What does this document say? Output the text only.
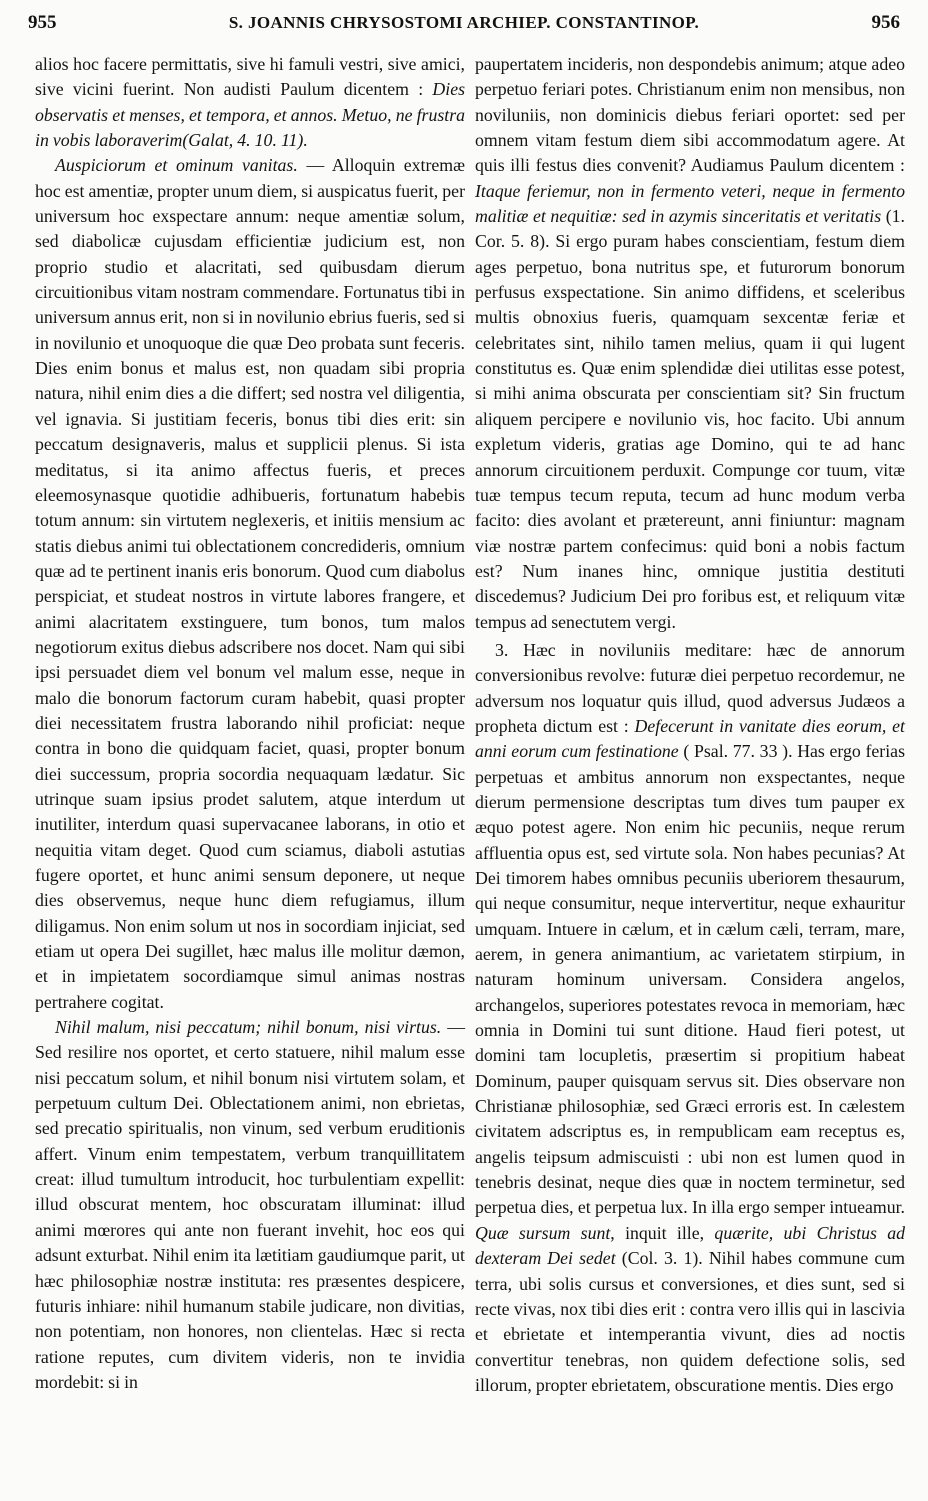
955	S. JOANNIS CHRYSOSTOMI ARCHIEP. CONSTANTINOP.	956

alios hoc facere permittatis, sive hi famuli vestri, sive amici, sive vicini fuerint. Non audisti Paulum dicentem : Dies observatis et menses, et tempora, et annos. Metuo, ne frustra in vobis laboraverim(Galat, 4. 10. 11).

Auspiciorum et ominum vanitas. — Alloquin extremæ hoc est amentiæ, propter unum diem, si auspicatus fuerit, per universum hoc exspectare annum: neque amentiæ solum, sed diabolicæ cujusdam efficientiæ judicium est, non proprio studio et alacritati, sed quibusdam dierum circuitionibus vitam nostram commendare. Fortunatus tibi in universum annus erit, non si in novilunio ebrius fueris, sed si in novilunio et unoquoque die quæ Deo probata sunt feceris. Dies enim bonus et malus est, non quadam sibi propria natura, nihil enim dies a die differt; sed nostra vel diligentia, vel ignavia. Si justitiam feceris, bonus tibi dies erit: sin peccatum designaveris, malus et supplicii plenus. Si ista meditatus, si ita animo affectus fueris, et preces eleemosynasque quotidie adhibueris, fortunatum habebis totum annum: sin virtutem neglexeris, et initiis mensium ac statis diebus animi tui oblectationem concredideris, omnium quæ ad te pertinent inanis eris bonorum. Quod cum diabolus perspiciat, et studeat nostros in virtute labores frangere, et animi alacritatem exstinguere, tum bonos, tum malos negotiorum exitus diebus adscribere nos docet. Nam qui sibi ipsi persuadet diem vel bonum vel malum esse, neque in malo die bonorum factorum curam habebit, quasi propter diei necessitatem frustra laborando nihil proficiat: neque contra in bono die quidquam faciet, quasi, propter bonum diei successum, propria socordia nequaquam lædatur. Sic utrinque suam ipsius prodet salutem, atque interdum ut inutiliter, interdum quasi supervacanee laborans, in otio et nequitia vitam deget. Quod cum sciamus, diaboli astutias fugere oportet, et hunc animi sensum deponere, ut neque dies observemus, neque hunc diem refugiamus, illum diligamus. Non enim solum ut nos in socordiam injiciat, sed etiam ut opera Dei sugillet, hæc malus ille molitur dæmon, et in impietatem socordiamque simul animas nostras pertrahere cogitat.

Nihil malum, nisi peccatum; nihil bonum, nisi virtus. — Sed resilire nos oportet, et certo statuere, nihil malum esse nisi peccatum solum, et nihil bonum nisi virtutem solam, et perpetuum cultum Dei. Oblectationem animi, non ebrietas, sed precatio spiritualis, non vinum, sed verbum eruditionis affert. Vinum enim tempestatem, verbum tranquillitatem creat: illud tumultum introducit, hoc turbulentiam expellit: illud obscurat mentem, hoc obscuratam illuminat: illud animi mœrores qui ante non fuerant invehit, hoc eos qui adsunt exturbat. Nihil enim ita lætitiam gaudiumque parit, ut hæc philosophiæ nostræ instituta: res præsentes despicere, futuris inhiare: nihil humanum stabile judicare, non divitias, non potentiam, non honores, non clientelas. Hæc si recta ratione reputes, cum divitem videris, non te invidia mordebit: si in

paupertatem incideris, non despondebis animum; atque adeo perpetuo feriari potes. Christianum enim non mensibus, non noviluniis, non dominicis diebus feriari oportet: sed per omnem vitam festum diem sibi accommodatum agere. At quis illi festus dies convenit? Audiamus Paulum dicentem : Itaque feriemur, non in fermento veteri, neque in fermento malitiæ et nequitiæ: sed in azymis sinceritatis et veritatis (1. Cor. 5. 8). Si ergo puram habes conscientiam, festum diem ages perpetuo, bona nutritus spe, et futurorum bonorum perfusus exspectatione. Sin animo diffidens, et sceleribus multis obnoxius fueris, quamquam sexcentæ feriæ et celebritates sint, nihilo tamen melius, quam ii qui lugent constitutus es. Quæ enim splendidæ diei utilitas esse potest, si mihi anima obscurata per conscientiam sit? Sin fructum aliquem percipere e novilunio vis, hoc facito. Ubi annum expletum videris, gratias age Domino, qui te ad hanc annorum circuitionem perduxit. Compunge cor tuum, vitæ tuæ tempus tecum reputa, tecum ad hunc modum verba facito: dies avolant et prætereunt, anni finiuntur: magnam viæ nostræ partem confecimus: quid boni a nobis factum est? Num inanes hinc, omnique justitia destituti discedemus? Judicium Dei pro foribus est, et reliquum vitæ tempus ad senectutem vergi.

3. Hæc in noviluniis meditare: hæc de annorum conversionibus revolve: futuræ diei perpetuo recordemur, ne adversum nos loquatur quis illud, quod adversus Judæos a propheta dictum est : Defecerunt in vanitate dies eorum, et anni eorum cum festinatione ( Psal. 77. 33 ). Has ergo ferias perpetuas et ambitus annorum non exspectantes, neque dierum permensione descriptas tum dives tum pauper ex æquo potest agere. Non enim hic pecuniis, neque rerum affluentia opus est, sed virtute sola. Non habes pecunias? At Dei timorem habes omnibus pecuniis uberiorem thesaurum, qui neque consumitur, neque intervertitur, neque exhauritur umquam. Intuere in cælum, et in cælum cæli, terram, mare, aerem, in genera animantium, ac varietatem stirpium, in naturam hominum universam. Considera angelos, archangelos, superiores potestates revoca in memoriam, hæc omnia in Domini tui sunt ditione. Haud fieri potest, ut domini tam locupletis, præsertim si propitium habeat Dominum, pauper quisquam servus sit. Dies observare non Christianæ philosophiæ, sed Græci erroris est. In cælestem civitatem adscriptus es, in rempublicam eam receptus es, angelis teipsum admiscuisti : ubi non est lumen quod in tenebris desinat, neque dies quæ in noctem terminetur, sed perpetua dies, et perpetua lux. In illa ergo semper intueamur. Quæ sursum sunt, inquit ille, quærite, ubi Christus ad dexteram Dei sedet (Col. 3. 1). Nihil habes commune cum terra, ubi solis cursus et conversiones, et dies sunt, sed si recte vivas, nox tibi dies erit : contra vero illis qui in lascivia et ebrietate et intemperantia vivunt, dies ad noctis convertitur tenebras, non quidem defectione solis, sed illorum, propter ebrietatem, obscuratione mentis. Dies ergo
